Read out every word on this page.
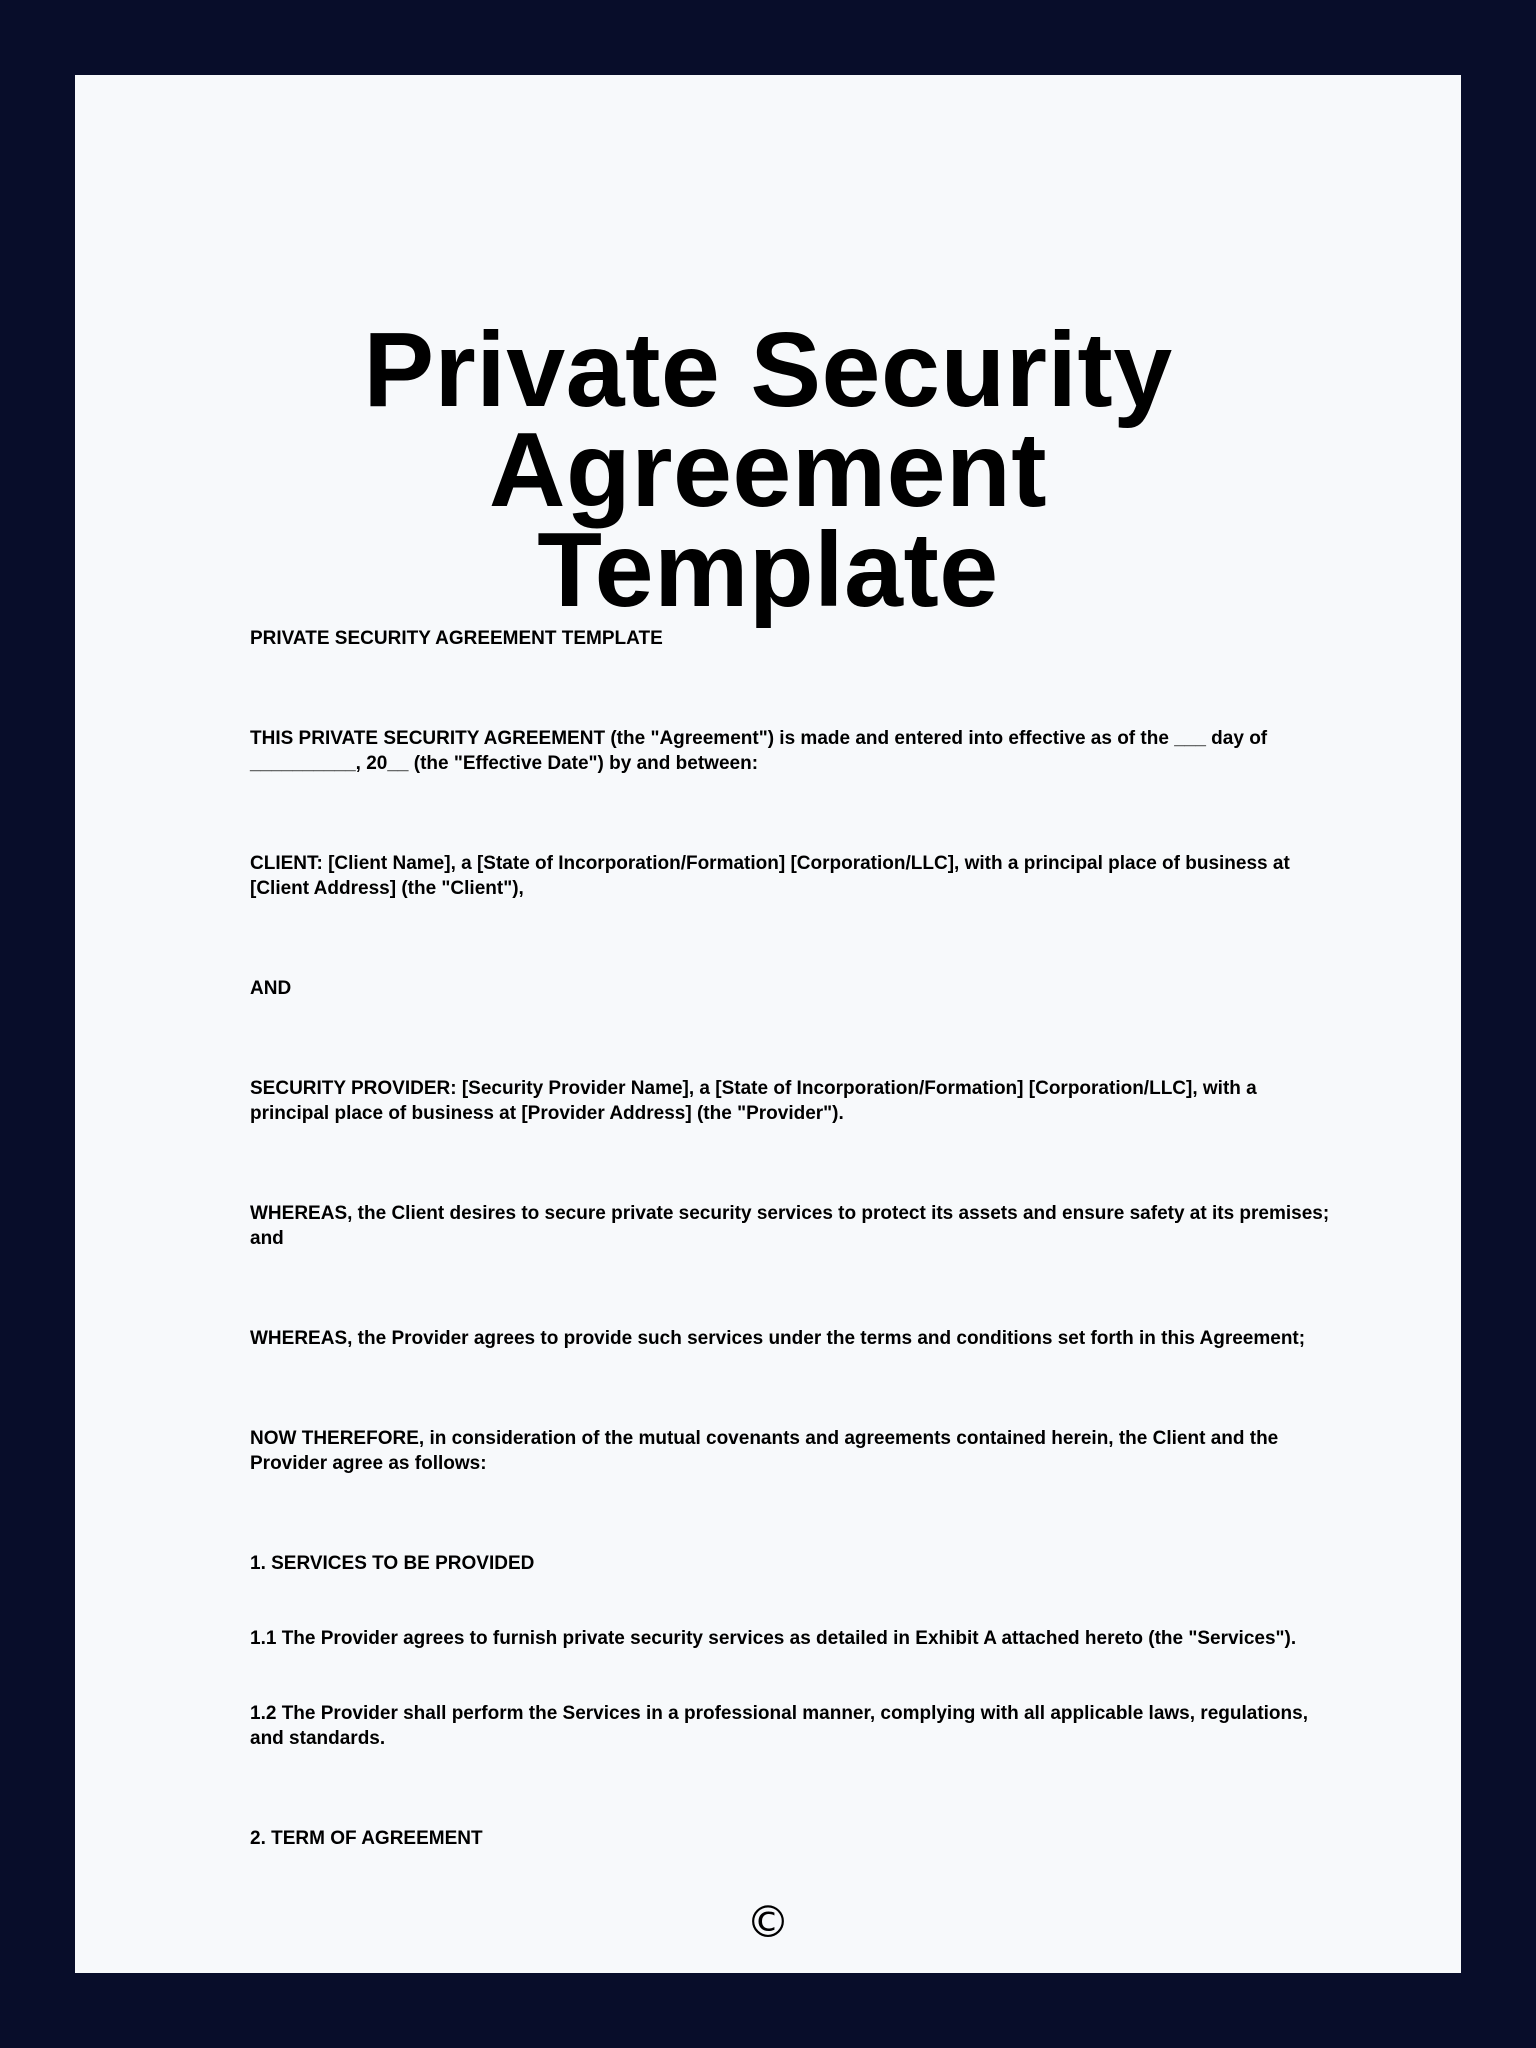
Private Security Agreement
Template

PRIVATE SECURITY AGREEMENT TEMPLATE

THIS PRIVATE SECURITY AGREEMENT (the "Agreement") is made and entered into effective as of the ___ day of __________, 20__ (the "Effective Date") by and between:

CLIENT: [Client Name], a [State of Incorporation/Formation] [Corporation/LLC], with a principal place of business at [Client Address] (the "Client"),

AND

SECURITY PROVIDER: [Security Provider Name], a [State of Incorporation/Formation] [Corporation/LLC], with a principal place of business at [Provider Address] (the "Provider").

WHEREAS, the Client desires to secure private security services to protect its assets and ensure safety at its premises; and

WHEREAS, the Provider agrees to provide such services under the terms and conditions set forth in this Agreement;

NOW THEREFORE, in consideration of the mutual covenants and agreements contained herein, the Client and the Provider agree as follows:

1. SERVICES TO BE PROVIDED

1.1 The Provider agrees to furnish private security services as detailed in Exhibit A attached hereto (the "Services").

1.2 The Provider shall perform the Services in a professional manner, complying with all applicable laws, regulations, and standards.

2. TERM OF AGREEMENT

©
